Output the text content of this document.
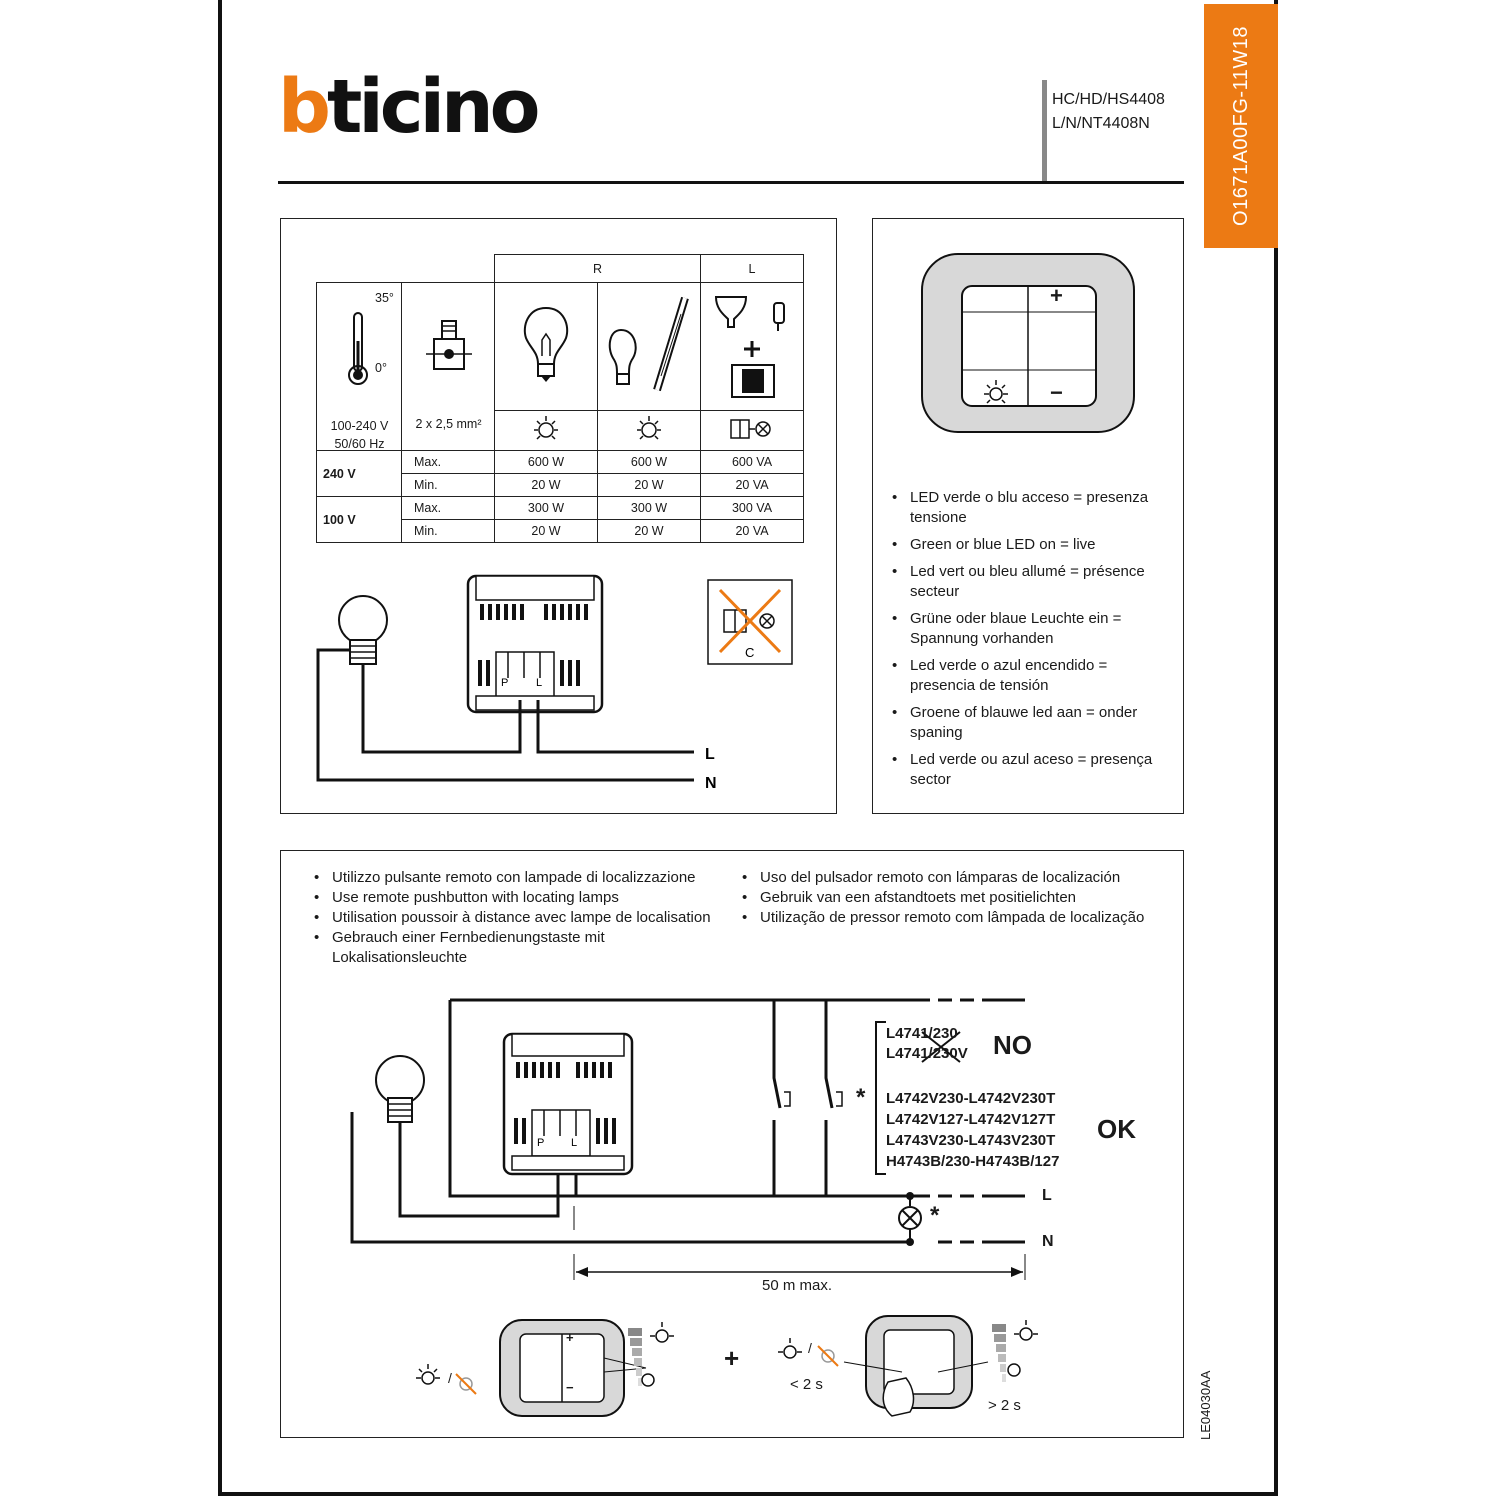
bticino	HC/HD/HS4408
L/N/NT4408N	O1671A00FG-11W18
		R		L

35°
0°
100-240 V
50/60 Hz	2 x 2,5 mm²

240 V	Max.	600 W	600 W	600 VA
	Min.	20 W	20 W	20 VA
100 V	Max.	300 W	300 W	300 VA
	Min.	20 W	20 W	20 VA
P	L
L
N
C
+
−
• LED verde o blu acceso = presenza tensione
• Green or blue LED on = live
• Led vert ou bleu allumé = présence secteur
• Grüne oder blaue Leuchte ein = Spannung vorhanden
• Led verde o azul encendido = presencia de tensión
• Groene of blauwe led aan = onder spaning
• Led verde ou azul aceso = presença sector
• Utilizzo pulsante remoto con lampade di localizzazione
• Use remote pushbutton with locating lamps
• Utilisation poussoir à distance avec lampe de localisation
• Gebrauch einer Fernbedienungstaste mit Lokalisationsleuchte
• Uso del pulsador remoto con lámparas de localización
• Gebruik van een afstandtoets met positielichten
• Utilização de pressor remoto com lâmpada de localização
P L
L4741/230
L4741/230V NO
L4742V230-L4742V230T
L4742V127-L4742V127T
L4743V230-L4743V230T
H4743B/230-H4743B/127
OK
*
*
L
N
50 m max.
+
−
/
/
+
< 2 s
> 2 s	LE04030AA
